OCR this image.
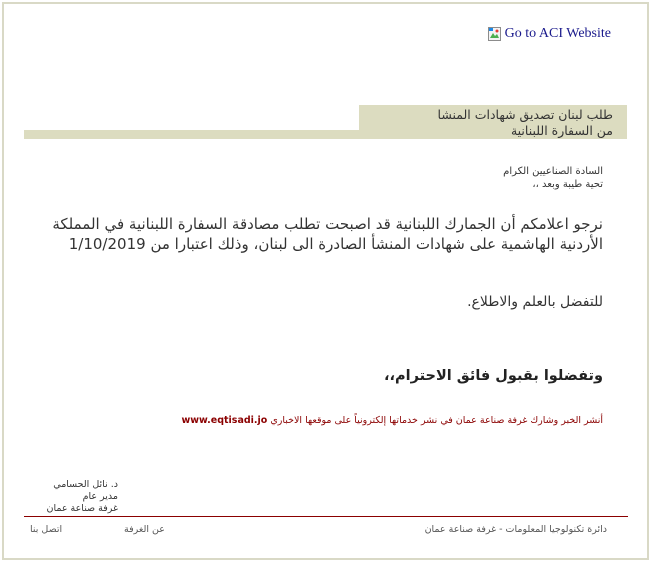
Go to ACI Website
طلب لبنان تصديق شهادات المنشا
من السفارة اللبنانية
السادة الصناعيين الكرام
تحية طيبة وبعد ،،
نرجو اعلامكم أن الجمارك اللبنانية قد اصبحت تطلب مصادقة السفارة اللبنانية في المملكة الأردنية الهاشمية على شهادات المنشأ الصادرة الى لبنان، وذلك اعتبارا من 1/10/2019
للتفضل بالعلم والاطلاع.
وتفضلوا بقبول فائق الاحترام،،
أنشر الخبر وشارك غرفة صناعة عمان في نشر خدماتها إلكترونياً على موقعها الاخباري www.eqtisadi.jo
د. نائل الحسامي
مدير عام
غرفة صناعة عمان
دائرة تكنولوجيا المعلومات - غرفة صناعة عمان
عن الغرفة
اتصل بنا
